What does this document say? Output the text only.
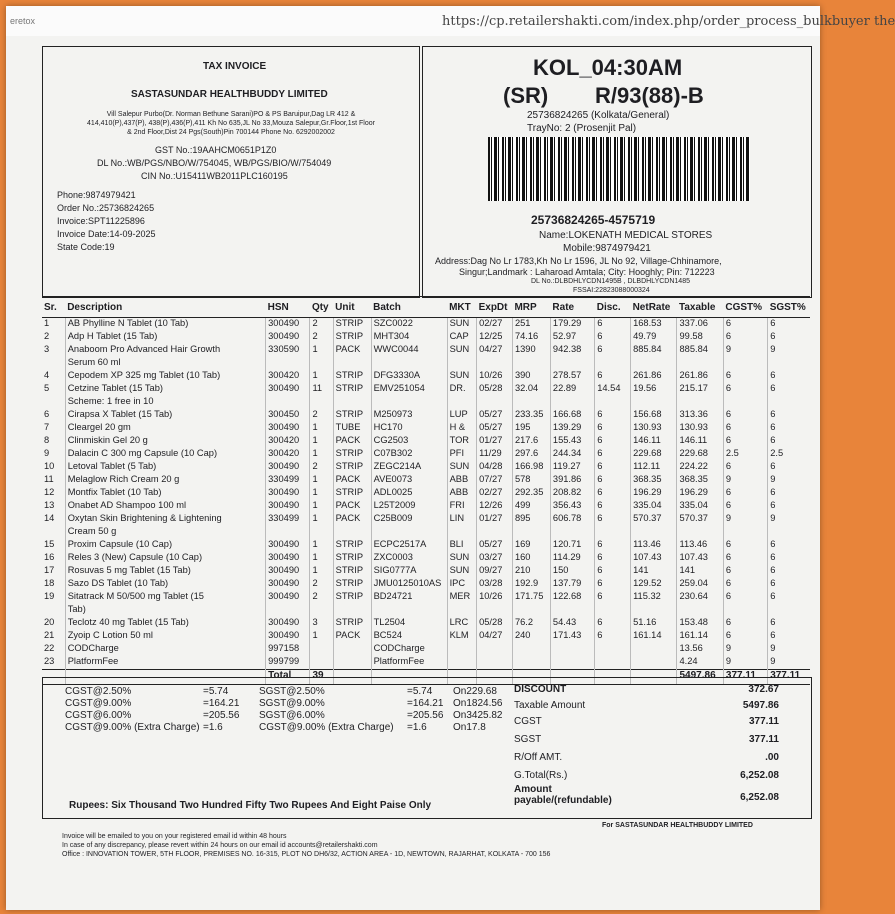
eretox	https://cp.retailershakti.com/index.php/order_process_bulkbuyer the
TAX INVOICE
SASTASUNDAR HEALTHBUDDY LIMITED
Vill Salepur Purbo(Dr. Norman Bethune Sarani)PO & PS Baruipur,Dag LR 412 &
414,410(P),437(P), 438(P),436(P),411 Kh No 635,JL No 33,Mouza Salepur,Gr.Floor,1st Floor
& 2nd Floor,Dist 24 Pgs(South)Pin 700144 Phone No. 6292002002
GST No.:19AAHCM0651P1Z0
DL No.:WB/PGS/NBO/W/754045, WB/PGS/BIO/W/754049
CIN No.:U15411WB2011PLC160195
Phone:9874979421
Order No.:25736824265
Invoice:SPT11225896
Invoice Date:14-09-2025
State Code:19
KOL_04:30AM
(SR) R/93(88)-B
25736824265 (Kolkata/General)
TrayNo: 2 (Prosenjit Pal)
25736824265-4575719
Name:LOKENATH MEDICAL STORES
Mobile:9874979421
Address:Dag No Lr 1783,Kh No Lr 1596, JL No 92, Village-Chhinamore,
Singur;Landmark : Laharoad Amtala; City: Hooghly; Pin: 712223
DL No.:DLBDHLYCDN1495B , DLBDHLYCDN1485
FSSAI:22823088000324
Sr.	Description	HSN	Qty	Unit	Batch	MKT	ExpDt	MRP	Rate	Disc.	NetRate	Taxable	CGST%	SGST%
1	AB Phylline N Tablet (10 Tab)	300490	2	STRIP	SZC0022	SUN	02/27	251	179.29	6	168.53	337.06	6	6
2	Adp H Tablet (15 Tab)	300490	2	STRIP	MHT304	CAP	12/25	74.16	52.97	6	49.79	99.58	6	6
3	Anaboom Pro Advanced Hair Growth	330590	1	PACK	WWC0044	SUN	04/27	1390	942.38	6	885.84	885.84	9	9
	Serum 60 ml													
4	Cepodem XP 325 mg Tablet (10 Tab)	300420	1	STRIP	DFG3330A	SUN	10/26	390	278.57	6	261.86	261.86	6	6
5	Cetzine Tablet (15 Tab)	300490	11	STRIP	EMV251054	DR.	05/28	32.04	22.89	14.54	19.56	215.17	6	6
	Scheme: 1 free in 10													
6	Cirapsa X Tablet (15 Tab)	300450	2	STRIP	M250973	LUP	05/27	233.35	166.68	6	156.68	313.36	6	6
7	Cleargel 20 gm	300490	1	TUBE	HC170	H &	05/27	195	139.29	6	130.93	130.93	6	6
8	Clinmiskin Gel 20 g	300420	1	PACK	CG2503	TOR	01/27	217.6	155.43	6	146.11	146.11	6	6
9	Dalacin C 300 mg Capsule (10 Cap)	300420	1	STRIP	C07B302	PFI	11/29	297.6	244.34	6	229.68	229.68	2.5	2.5
10	Letoval Tablet (5 Tab)	300490	2	STRIP	ZEGC214A	SUN	04/28	166.98	119.27	6	112.11	224.22	6	6
11	Melaglow Rich Cream 20 g	330499	1	PACK	AVE0073	ABB	07/27	578	391.86	6	368.35	368.35	9	9
12	Montfix Tablet (10 Tab)	300490	1	STRIP	ADL0025	ABB	02/27	292.35	208.82	6	196.29	196.29	6	6
13	Onabet AD Shampoo 100 ml	300490	1	PACK	L25T2009	FRI	12/26	499	356.43	6	335.04	335.04	6	6
14	Oxytan Skin Brightening & Lightening	330499	1	PACK	C25B009	LIN	01/27	895	606.78	6	570.37	570.37	9	9
	Cream 50 g													
15	Proxim Capsule (10 Cap)	300490	1	STRIP	ECPC2517A	BLI	05/27	169	120.71	6	113.46	113.46	6	6
16	Reles 3 (New) Capsule (10 Cap)	300490	1	STRIP	ZXC0003	SUN	03/27	160	114.29	6	107.43	107.43	6	6
17	Rosuvas 5 mg Tablet (15 Tab)	300490	1	STRIP	SIG0777A	SUN	09/27	210	150	6	141	141	6	6
18	Sazo DS Tablet (10 Tab)	300490	2	STRIP	JMU0125010AS	IPC	03/28	192.9	137.79	6	129.52	259.04	6	6
19	Sitatrack M 50/500 mg Tablet (15	300490	2	STRIP	BD24721	MER	10/26	171.75	122.68	6	115.32	230.64	6	6
	Tab)													
20	Teclotz 40 mg Tablet (15 Tab)	300490	3	STRIP	TL2504	LRC	05/28	76.2	54.43	6	51.16	153.48	6	6
21	Zyoip C Lotion 50 ml	300490	1	PACK	BC524	KLM	04/27	240	171.43	6	161.14	161.14	6	6
22	CODCharge	997158			CODCharge							13.56	9	9
23	PlatformFee	999799			PlatformFee							4.24	9	9
		Total	39									5497.86	377.11	377.11
CGST@2.50%	=5.74	SGST@2.50%	=5.74 On229.68
CGST@9.00%	=164.21 SGST@9.00%	=164.21 On1824.56
CGST@6.00%	=205.56 SGST@6.00%	=205.56 On3425.82
CGST@9.00% (Extra Charge) =1.6	CGST@9.00% (Extra Charge) =1.6	On17.8
DISCOUNT	372.67
Taxable Amount	5497.86
CGST	377.11
SGST	377.11
R/Off AMT.	.00
G.Total(Rs.)	6,252.08
Amount payable/(refundable)	6,252.08
Rupees: Six Thousand Two Hundred Fifty Two Rupees And Eight Paise Only
For SASTASUNDAR HEALTHBUDDY LIMITED
Invoice will be emailed to you on your registered email id within 48 hours
In case of any discrepancy, please revert within 24 hours on our email id accounts@retailershakti.com
Office : INNOVATION TOWER, 5TH FLOOR, PREMISES NO. 16-315, PLOT NO DH6/32, ACTION AREA - 1D, NEWTOWN, RAJARHAT, KOLKATA - 700 156
